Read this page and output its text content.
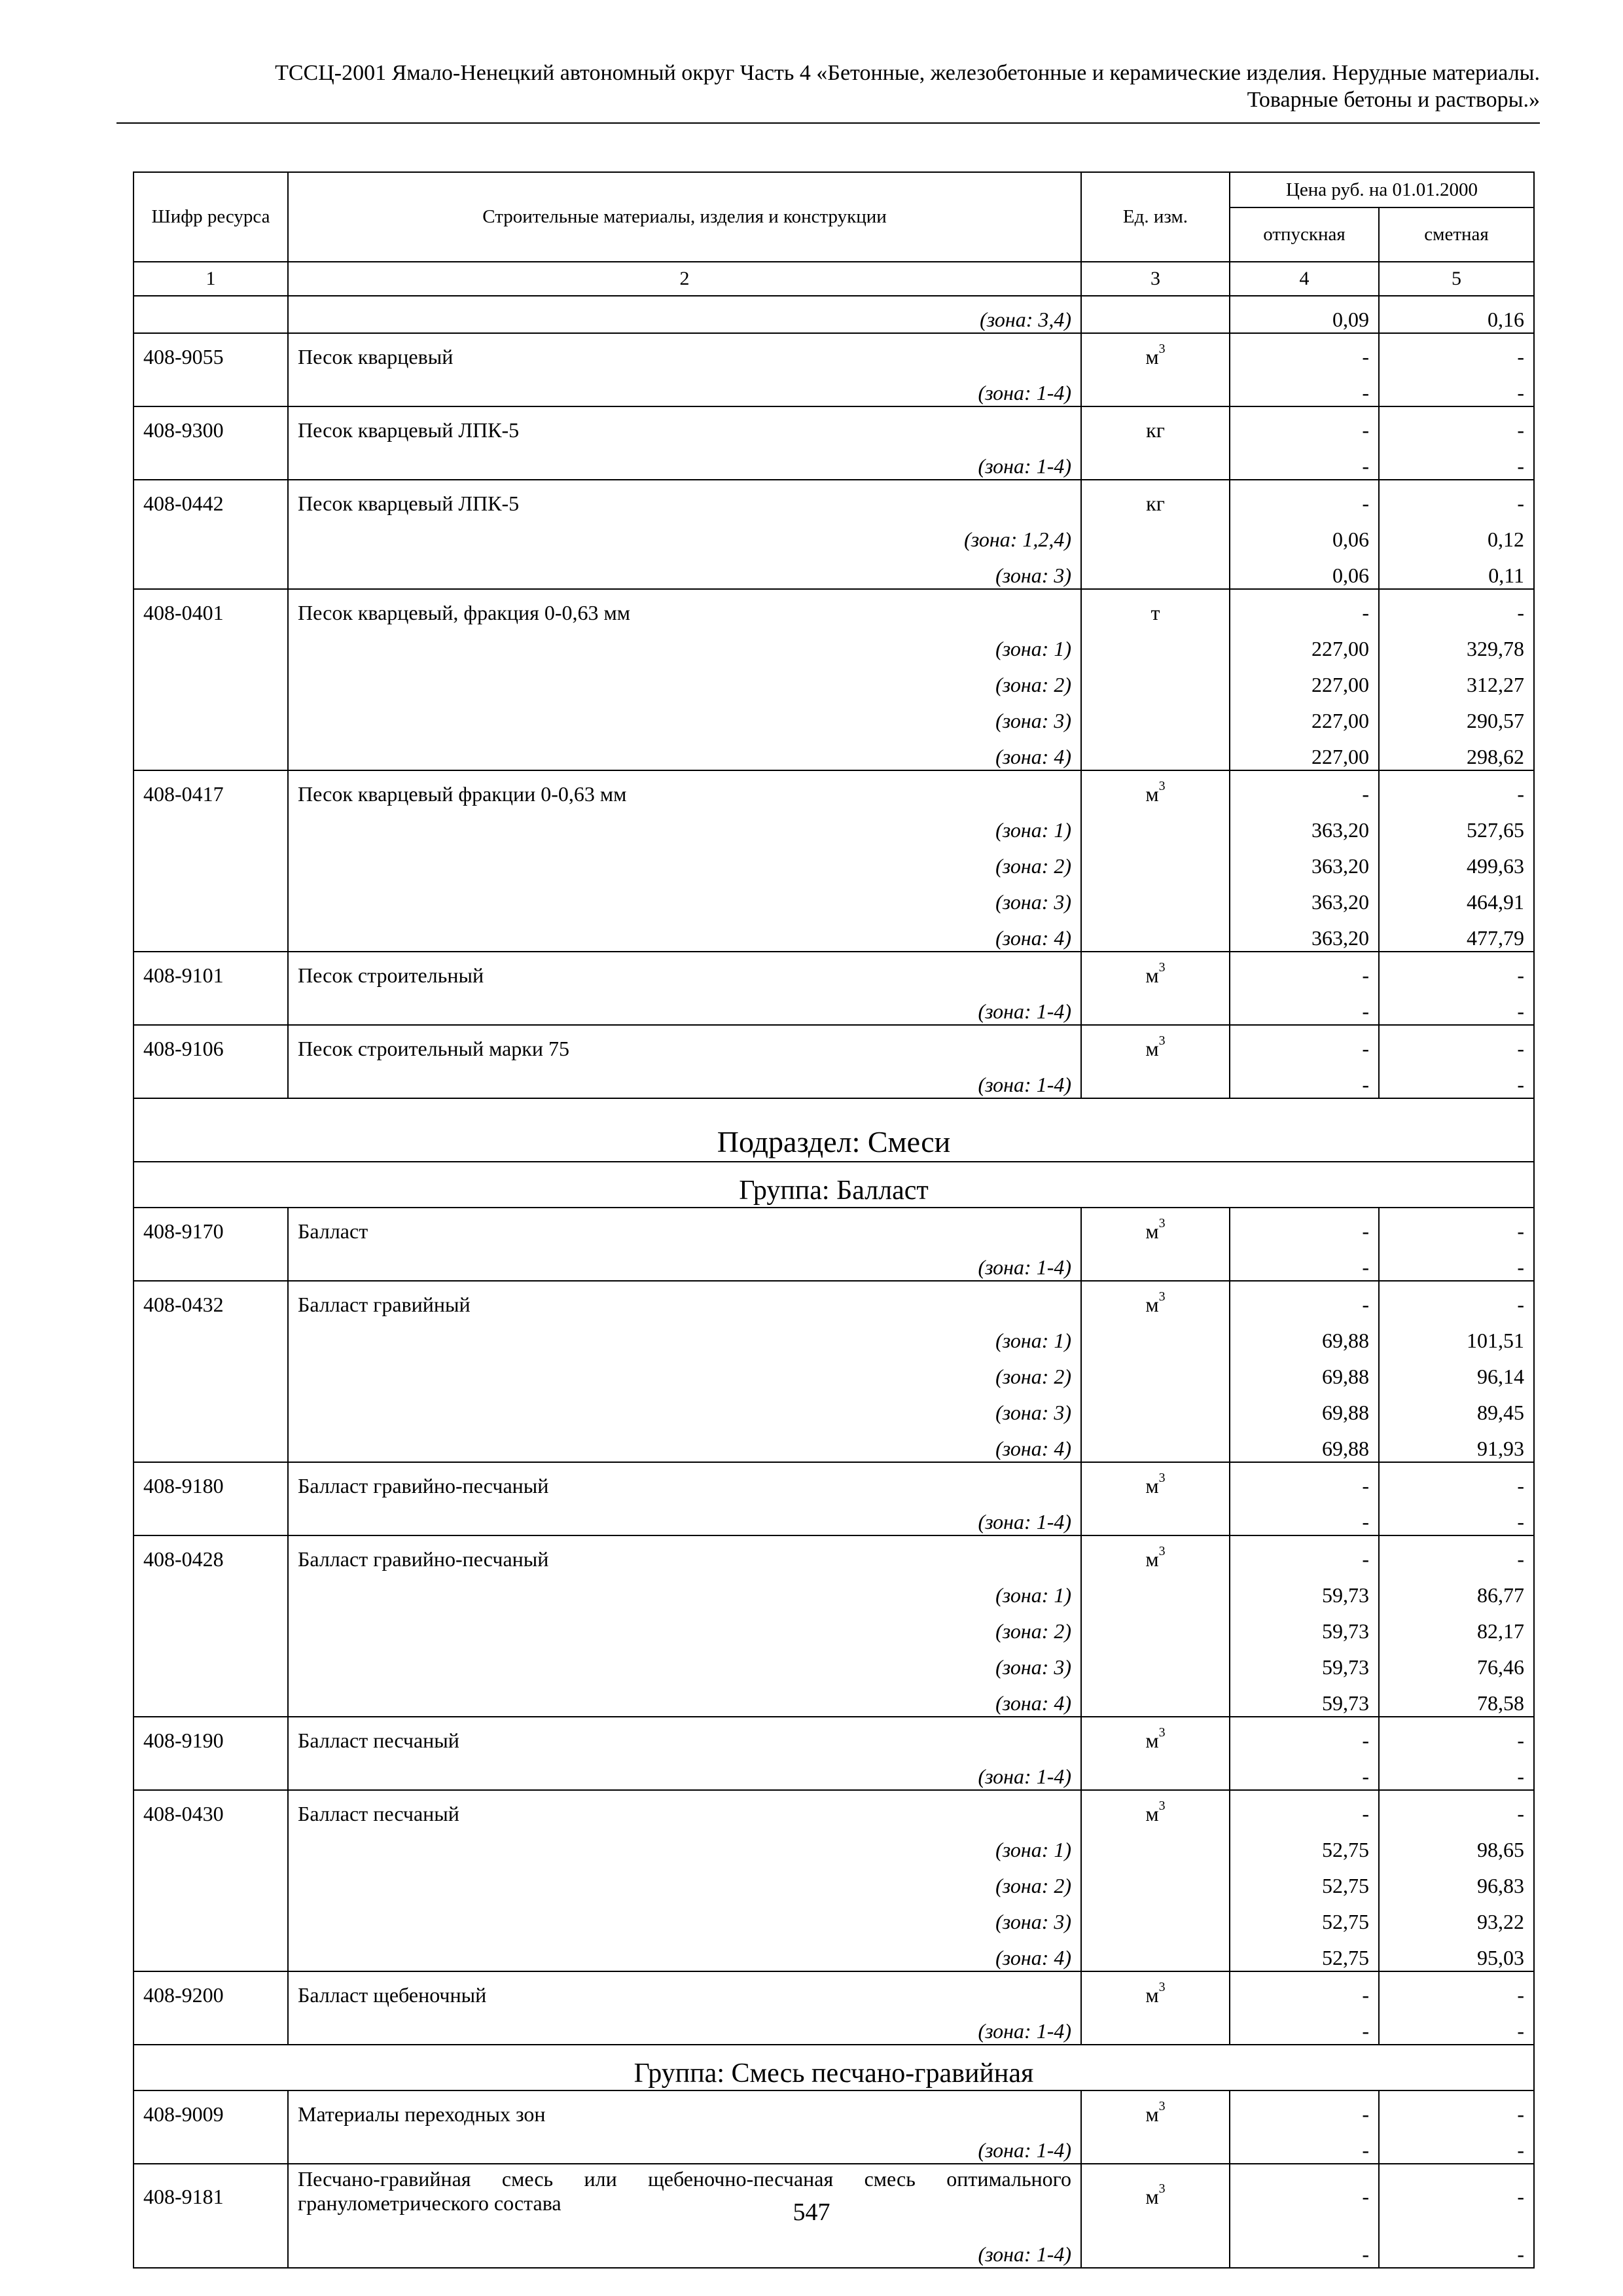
ТССЦ-2001 Ямало-Ненецкий автономный округ Часть 4 «Бетонные, железобетонные и керамические изделия. Нерудные материалы.
Товарные бетоны и растворы.»
Шифр ресурса	Строительные материалы, изделия и конструкции	Ед. изм.	Цена руб. на 01.01.2000	
			отпускная	сметная
1	2	3	4	5
	(зона: 3,4)		0,09	0,16
408-9055	Песок кварцевый	$м^3$	-	-
	(зона: 1-4)		-	-
408-9300	Песок кварцевый ЛПК-5	кг	-	-
	(зона: 1-4)		-	-
408-0442	Песок кварцевый ЛПК-5	кг	-	-
	(зона: 1,2,4)		0,06	0,12
	(зона: 3)		0,06	0,11
408-0401	Песок кварцевый, фракция 0-0,63 мм	т	-	-
	(зона: 1)		227,00	329,78
	(зона: 2)		227,00	312,27
	(зона: 3)		227,00	290,57
	(зона: 4)		227,00	298,62
408-0417	Песок кварцевый фракции 0-0,63 мм	$м^3$	-	-
	(зона: 1)		363,20	527,65
	(зона: 2)		363,20	499,63
	(зона: 3)		363,20	464,91
	(зона: 4)		363,20	477,79
408-9101	Песок строительный	$м^3$	-	-
	(зона: 1-4)		-	-
408-9106	Песок строительный марки 75	$м^3$	-	-
	(зона: 1-4)		-	-
Подраздел: Смеси				
Группа: Балласт				
408-9170	Балласт	$м^3$	-	-
	(зона: 1-4)		-	-
408-0432	Балласт гравийный	$м^3$	-	-
	(зона: 1)		69,88	101,51
	(зона: 2)		69,88	96,14
	(зона: 3)		69,88	89,45
	(зона: 4)		69,88	91,93
408-9180	Балласт гравийно-песчаный	$м^3$	-	-
	(зона: 1-4)		-	-
408-0428	Балласт гравийно-песчаный	$м^3$	-	-
	(зона: 1)		59,73	86,77
	(зона: 2)		59,73	82,17
	(зона: 3)		59,73	76,46
	(зона: 4)		59,73	78,58
408-9190	Балласт песчаный	$м^3$	-	-
	(зона: 1-4)		-	-
408-0430	Балласт песчаный	$м^3$	-	-
	(зона: 1)		52,75	98,65
	(зона: 2)		52,75	96,83
	(зона: 3)		52,75	93,22
	(зона: 4)		52,75	95,03
408-9200	Балласт щебеночный	$м^3$	-	-
	(зона: 1-4)		-	-
Группа: Смесь песчано-гравийная				
408-9009	Материалы переходных зон	$м^3$	-	-
	(зона: 1-4)		-	-
408-9181	Песчано-гравийная смесь или щебеночно-песчаная смесь оптимального гранулометрического состава	$м^3$	-	-
	(зона: 1-4)		-	-
547
